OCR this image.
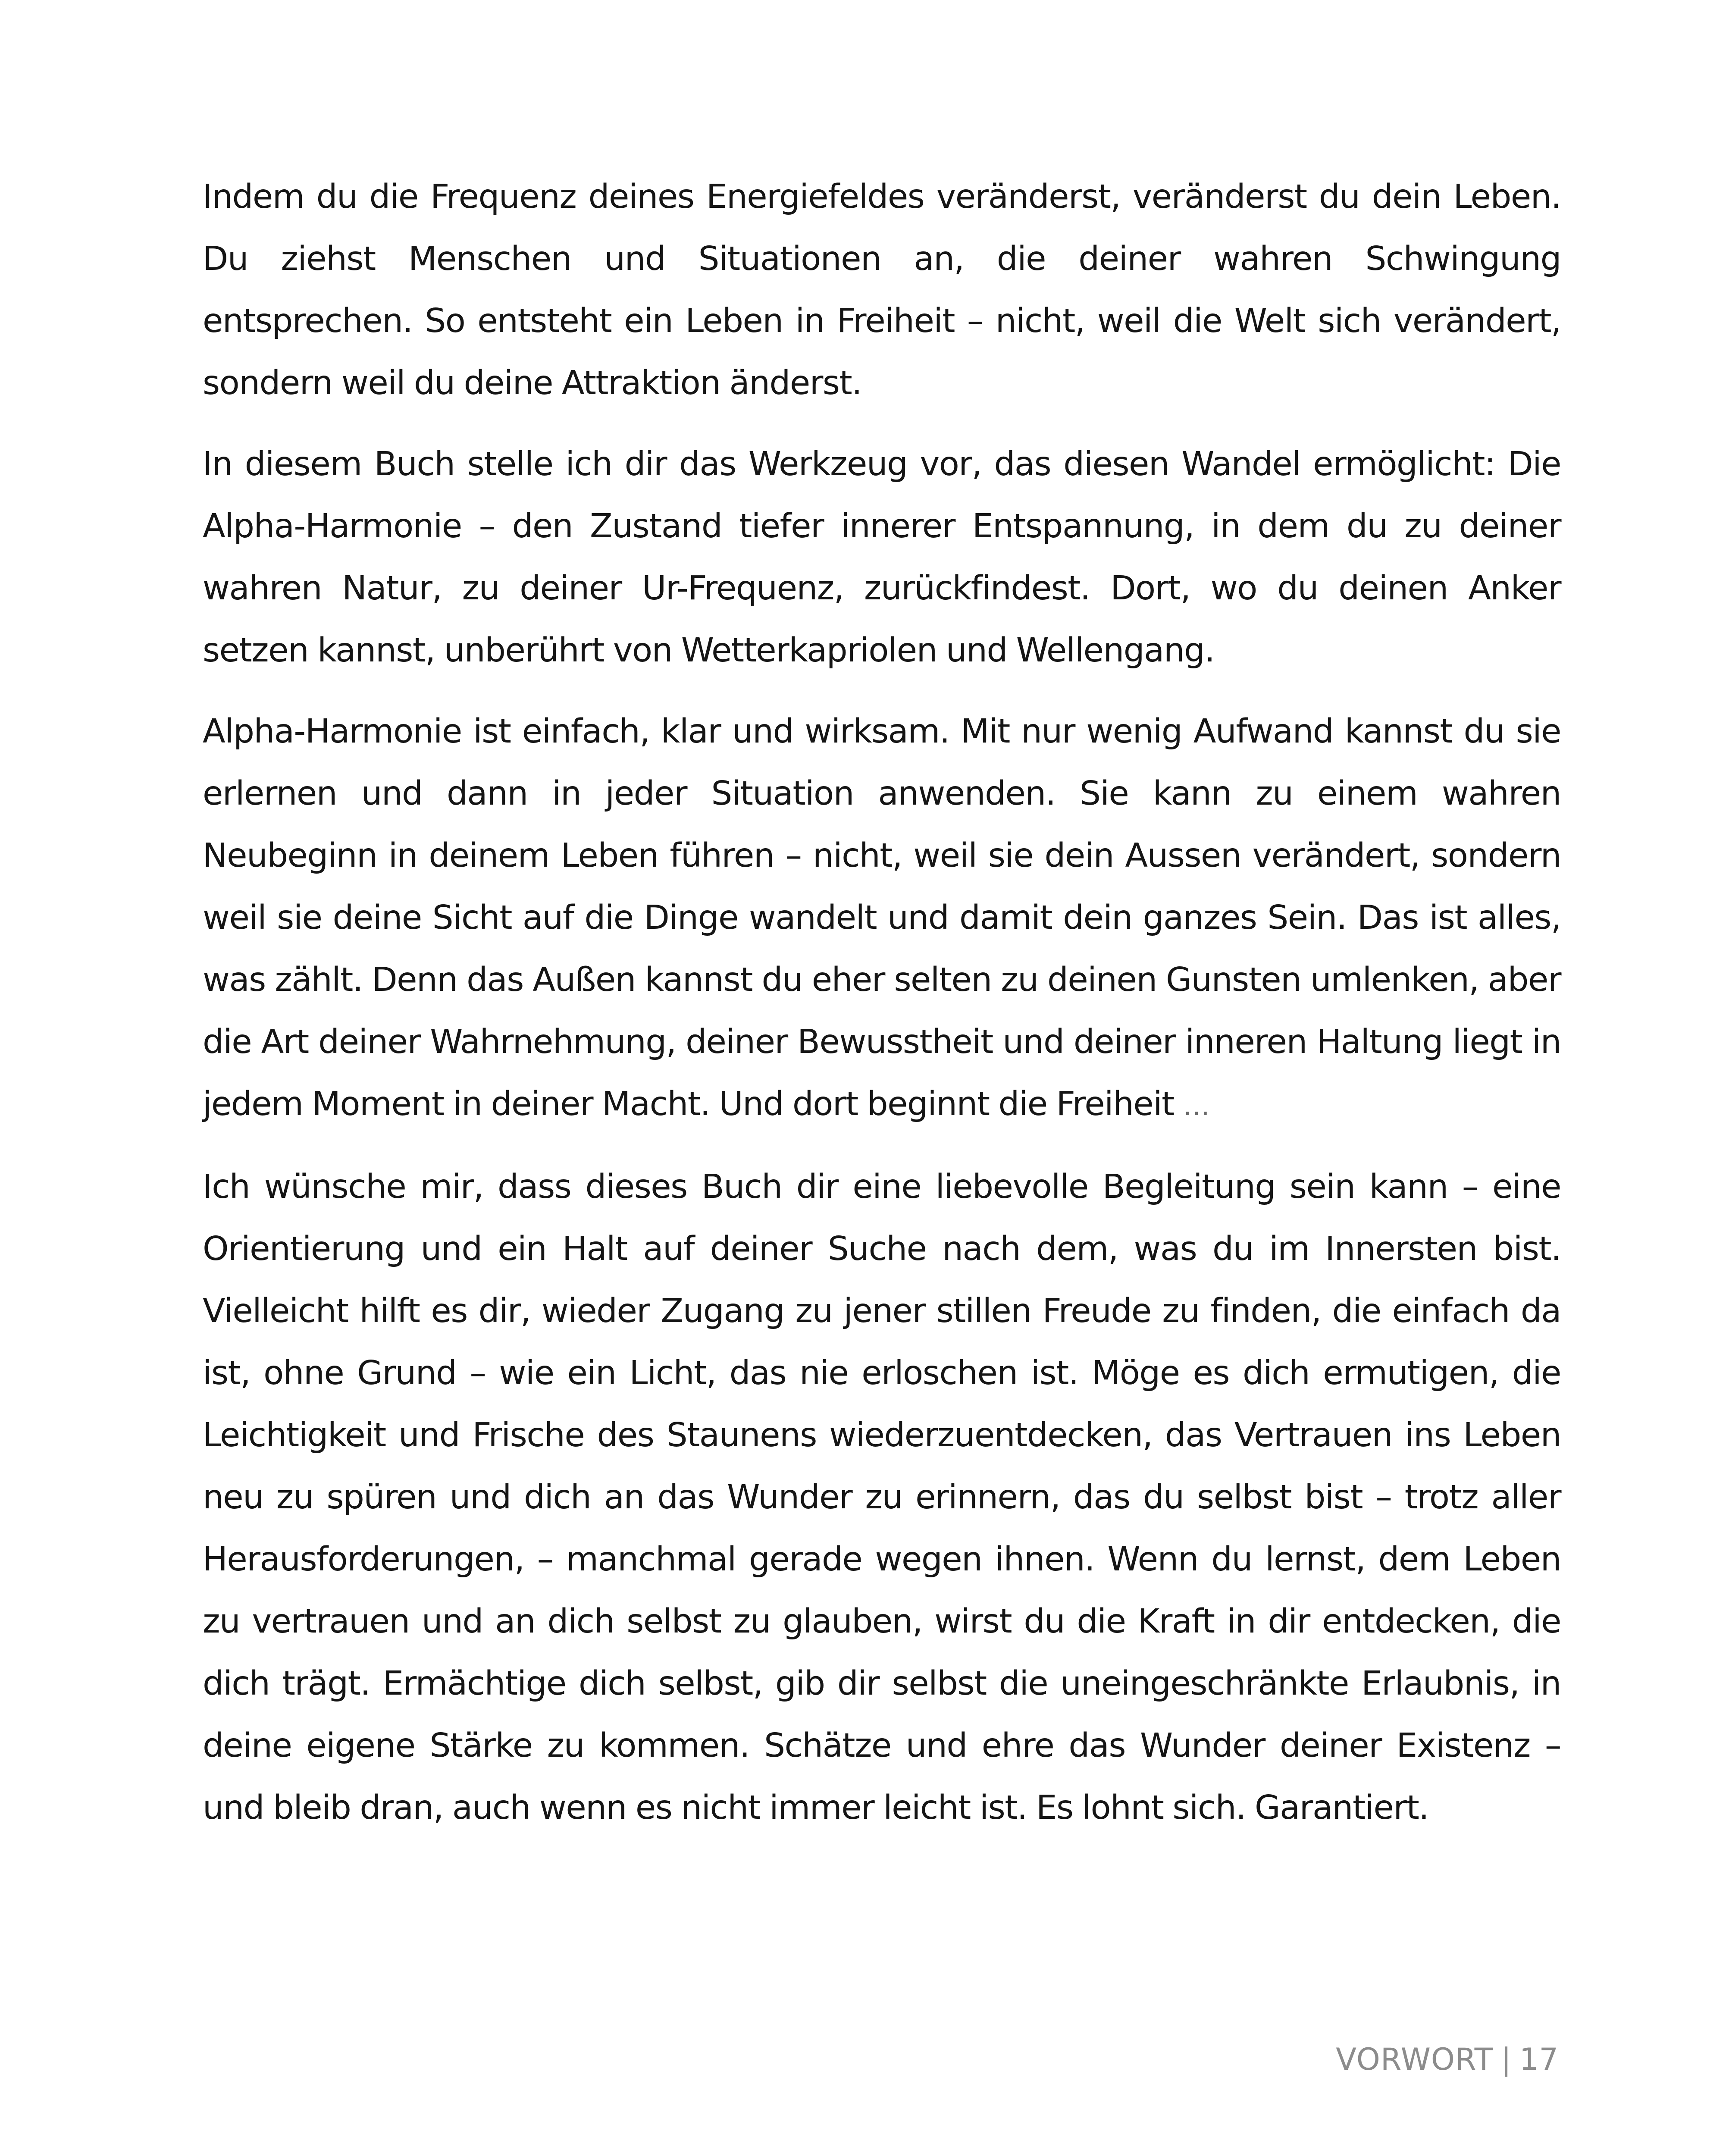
Indem du die Frequenz deines Energiefeldes veränderst, veränderst du dein Leben. Du ziehst Menschen und Situationen an, die deiner wahren Schwingung entsprechen. So entsteht ein Leben in Freiheit – nicht, weil die Welt sich verändert, sondern weil du deine Attraktion änderst.

In diesem Buch stelle ich dir das Werkzeug vor, das diesen Wandel ermöglicht: Die Alpha-Harmonie – den Zustand tiefer innerer Entspannung, in dem du zu deiner wahren Natur, zu deiner Ur-Frequenz, zurückfindest. Dort, wo du deinen Anker setzen kannst, unberührt von Wetterkapriolen und Wellengang.

Alpha-Harmonie ist einfach, klar und wirksam. Mit nur wenig Aufwand kannst du sie erlernen und dann in jeder Situation anwenden. Sie kann zu einem wahren Neubeginn in deinem Leben führen – nicht, weil sie dein Aussen verändert, sondern weil sie deine Sicht auf die Dinge wandelt und damit dein ganzes Sein. Das ist alles, was zählt. Denn das Außen kannst du eher selten zu deinen Gunsten umlenken, aber die Art deiner Wahrnehmung, deiner Bewusstheit und deiner inneren Haltung liegt in jedem Moment in deiner Macht. Und dort beginnt die Freiheit …

Ich wünsche mir, dass dieses Buch dir eine liebevolle Begleitung sein kann – eine Orientierung und ein Halt auf deiner Suche nach dem, was du im Innersten bist. Vielleicht hilft es dir, wieder Zugang zu jener stillen Freude zu finden, die einfach da ist, ohne Grund – wie ein Licht, das nie erloschen ist. Möge es dich ermutigen, die Leichtigkeit und Frische des Staunens wiederzuentdecken, das Vertrauen ins Leben neu zu spüren und dich an das Wunder zu erinnern, das du selbst bist – trotz aller Herausforderungen, – manchmal gerade wegen ihnen. Wenn du lernst, dem Leben zu vertrauen und an dich selbst zu glauben, wirst du die Kraft in dir entdecken, die dich trägt. Ermächtige dich selbst, gib dir selbst die uneingeschränkte Erlaubnis, in deine eigene Stärke zu kommen. Schätze und ehre das Wunder deiner Existenz – und bleib dran, auch wenn es nicht immer leicht ist. Es lohnt sich. Garantiert.

VORWORT | 17
